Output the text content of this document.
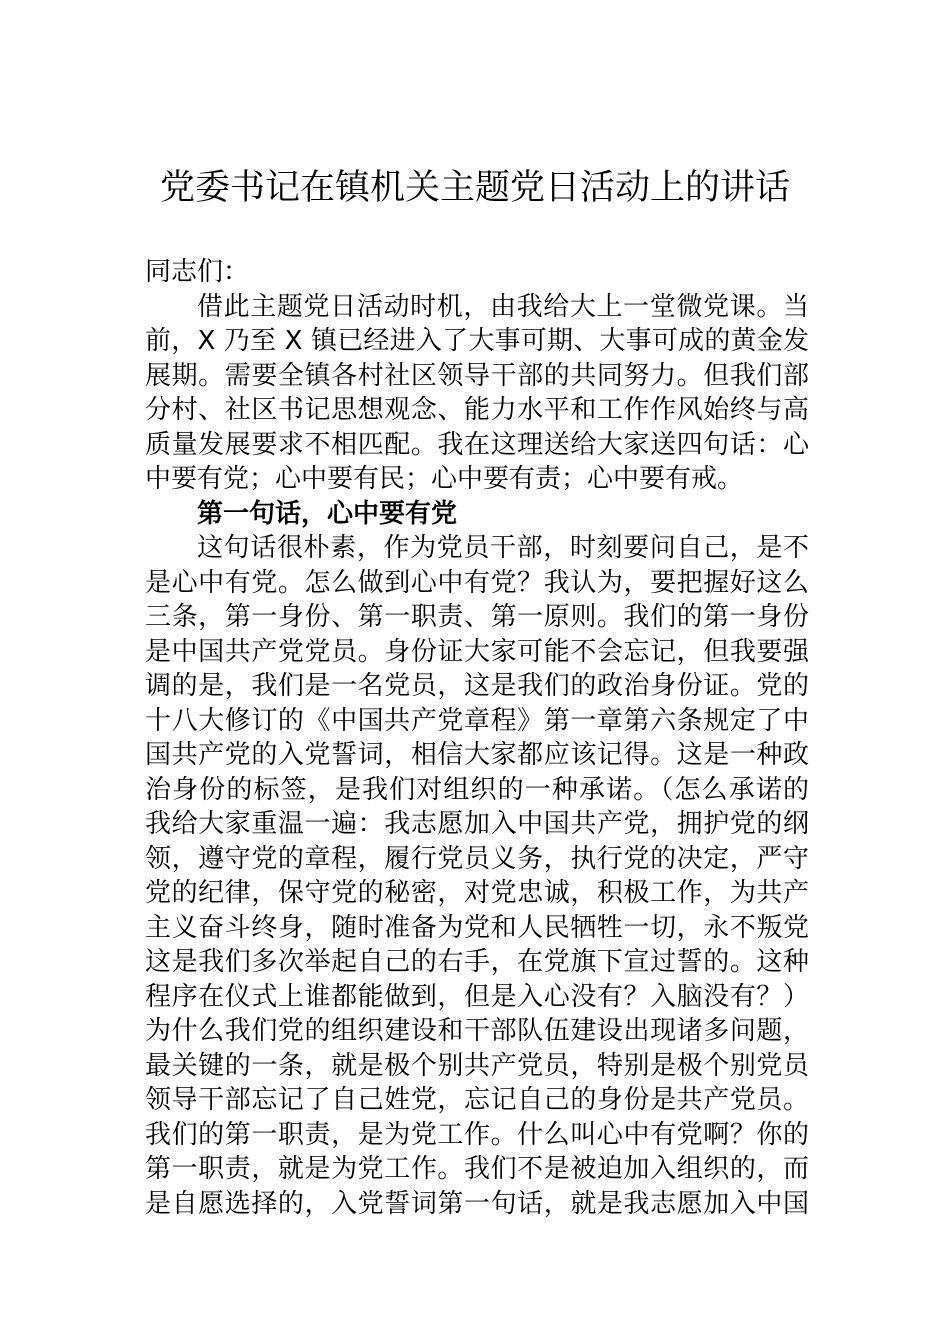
党委书记在镇机关主题党日活动上的讲话
同志们：
借此主题党日活动时机，由我给大上一堂微党课。当
前，X 乃至 X 镇已经进入了大事可期、大事可成的黄金发
展期。需要全镇各村社区领导干部的共同努力。但我们部
分村、社区书记思想观念、能力水平和工作作风始终与高
质量发展要求不相匹配。我在这理送给大家送四句话：心
中要有党；心中要有民；心中要有责；心中要有戒。
第一句话，心中要有党
这句话很朴素，作为党员干部，时刻要问自己，是不
是心中有党。怎么做到心中有党？我认为，要把握好这么
三条，第一身份、第一职责、第一原则。我们的第一身份
是中国共产党党员。身份证大家可能不会忘记，但我要强
调的是，我们是一名党员，这是我们的政治身份证。党的
十八大修订的《中国共产党章程》第一章第六条规定了中
国共产党的入党誓词，相信大家都应该记得。这是一种政
治身份的标签，是我们对组织的一种承诺。（怎么承诺的
我给大家重温一遍：我志愿加入中国共产党，拥护党的纲
领，遵守党的章程，履行党员义务，执行党的决定，严守
党的纪律，保守党的秘密，对党忠诚，积极工作，为共产
主义奋斗终身，随时准备为党和人民牺牲一切，永不叛党
这是我们多次举起自己的右手，在党旗下宣过誓的。这种
程序在仪式上谁都能做到，但是入心没有？入脑没有？）
为什么我们党的组织建设和干部队伍建设出现诸多问题，
最关键的一条，就是极个别共产党员，特别是极个别党员
领导干部忘记了自己姓党，忘记自己的身份是共产党员。
我们的第一职责，是为党工作。什么叫心中有党啊？你的
第一职责，就是为党工作。我们不是被迫加入组织的，而
是自愿选择的，入党誓词第一句话，就是我志愿加入中国
